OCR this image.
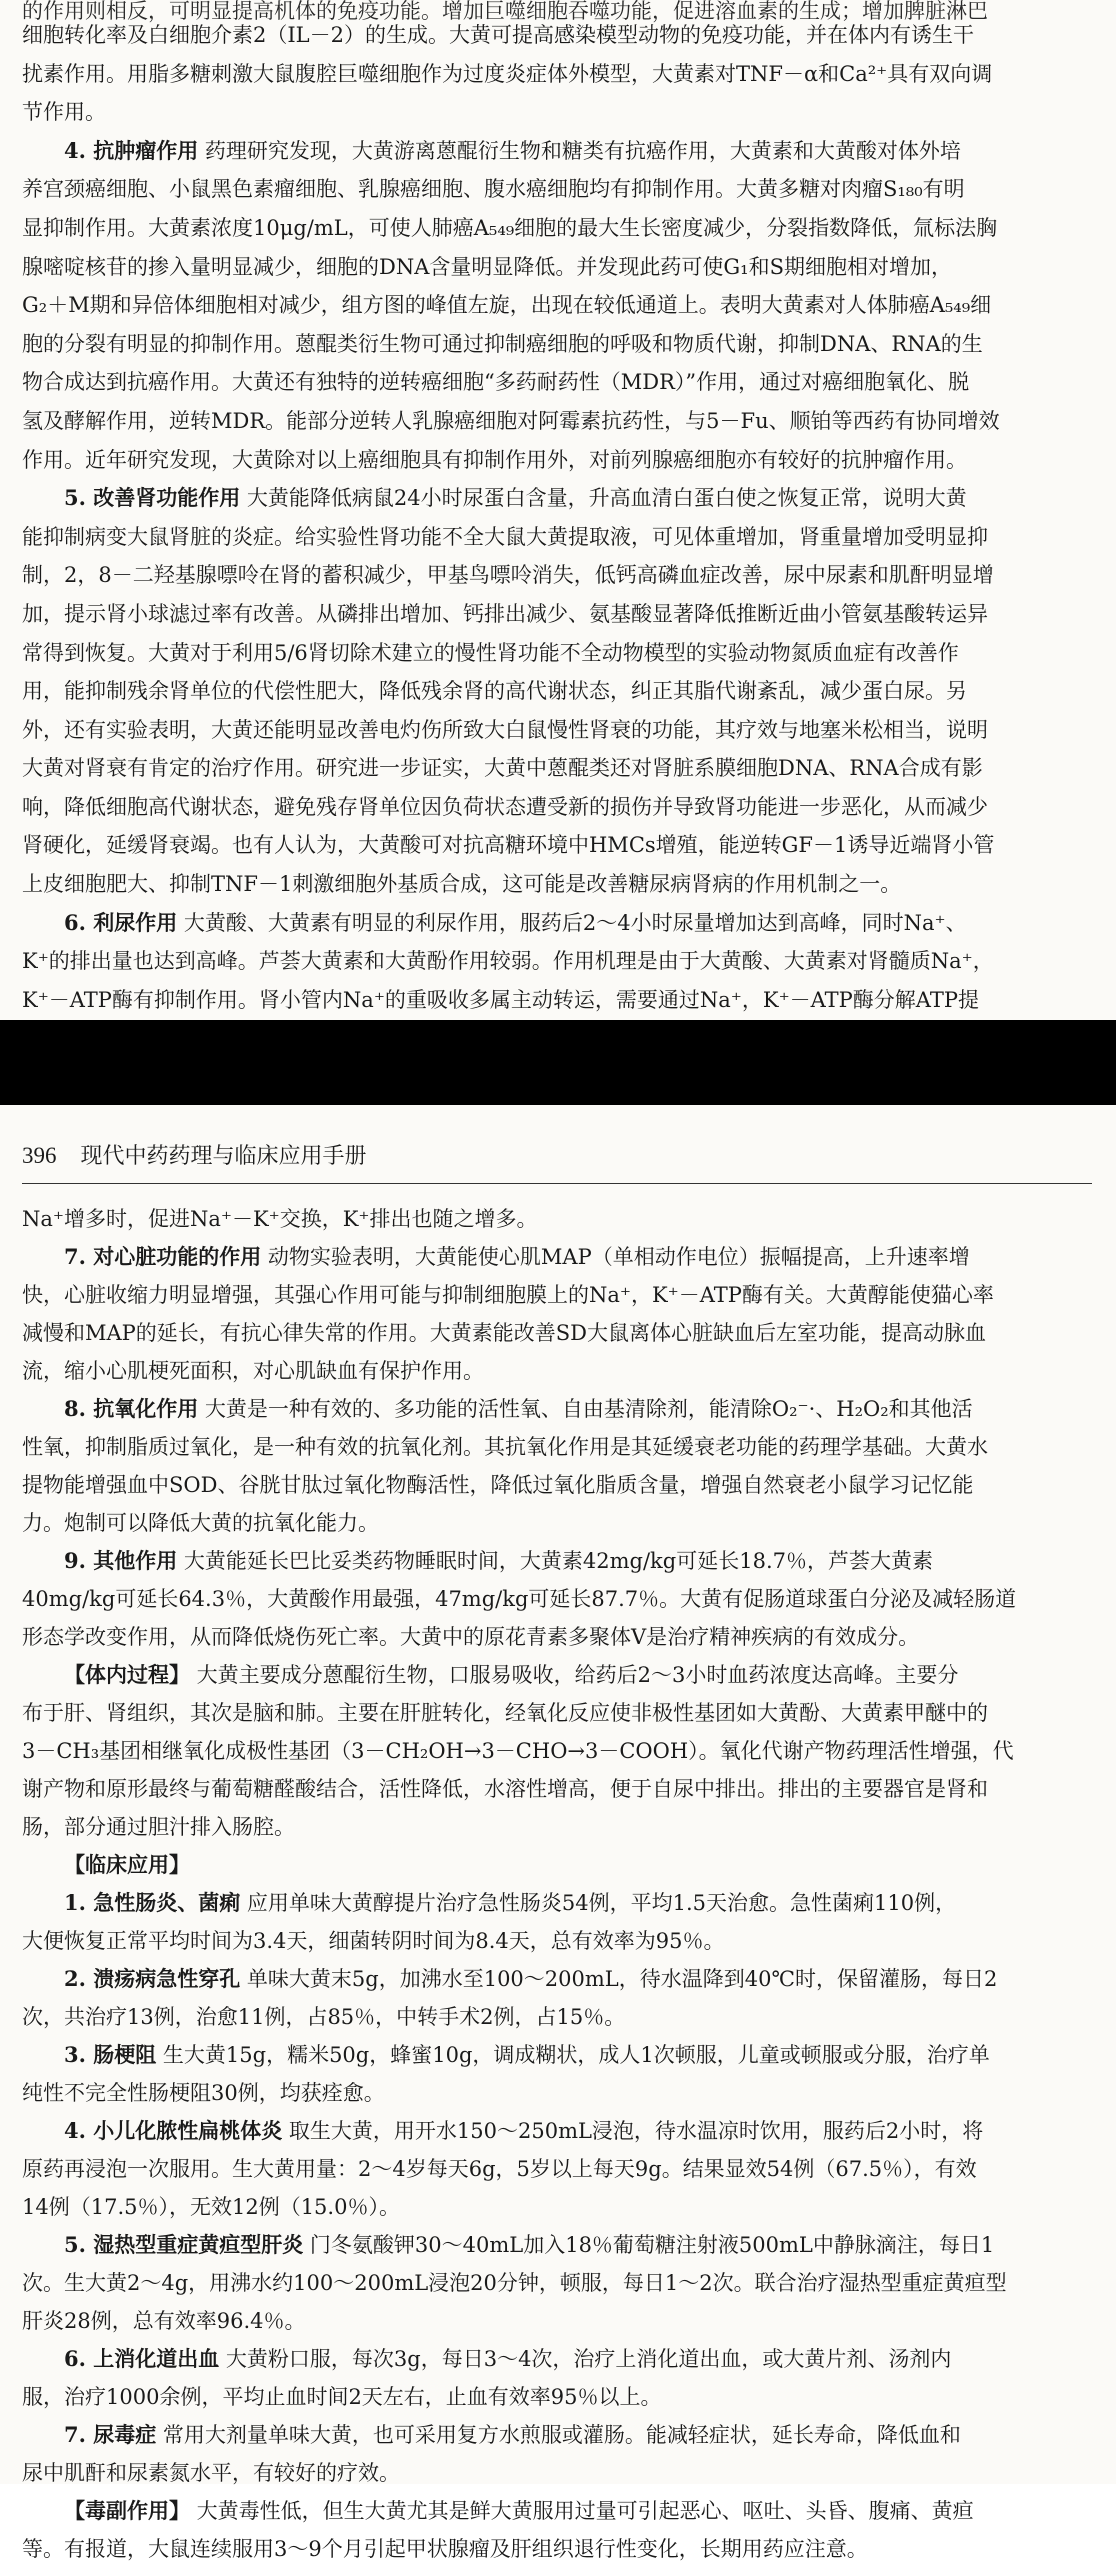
的作用则相反，可明显提高机体的免疫功能。增加巨噬细胞吞噬功能，促进溶血素的生成；增加脾脏淋巴

细胞转化率及白细胞介素2（IL－2）的生成。大黄可提高感染模型动物的免疫功能，并在体内有诱生干
扰素作用。用脂多糖刺激大鼠腹腔巨噬细胞作为过度炎症体外模型，大黄素对TNF－α和Ca²⁺具有双向调
节作用。

4. 抗肿瘤作用 药理研究发现，大黄游离蒽醌衍生物和糖类有抗癌作用，大黄素和大黄酸对体外培
养宫颈癌细胞、小鼠黑色素瘤细胞、乳腺癌细胞、腹水癌细胞均有抑制作用。大黄多糖对肉瘤S₁₈₀有明
显抑制作用。大黄素浓度10μg/mL，可使人肺癌A₅₄₉细胞的最大生长密度减少，分裂指数降低，氚标法胸
腺嘧啶核苷的掺入量明显减少，细胞的DNA含量明显降低。并发现此药可使G₁和S期细胞相对增加，
G₂＋M期和异倍体细胞相对减少，组方图的峰值左旋，出现在较低通道上。表明大黄素对人体肺癌A₅₄₉细
胞的分裂有明显的抑制作用。蒽醌类衍生物可通过抑制癌细胞的呼吸和物质代谢，抑制DNA、RNA的生
物合成达到抗癌作用。大黄还有独特的逆转癌细胞“多药耐药性（MDR）”作用，通过对癌细胞氧化、脱
氢及酵解作用，逆转MDR。能部分逆转人乳腺癌细胞对阿霉素抗药性，与5－Fu、顺铂等西药有协同增效
作用。近年研究发现，大黄除对以上癌细胞具有抑制作用外，对前列腺癌细胞亦有较好的抗肿瘤作用。

5. 改善肾功能作用 大黄能降低病鼠24小时尿蛋白含量，升高血清白蛋白使之恢复正常，说明大黄
能抑制病变大鼠肾脏的炎症。给实验性肾功能不全大鼠大黄提取液，可见体重增加，肾重量增加受明显抑
制，2，8－二羟基腺嘌呤在肾的蓄积减少，甲基鸟嘌呤消失，低钙高磷血症改善，尿中尿素和肌酐明显增
加，提示肾小球滤过率有改善。从磷排出增加、钙排出减少、氨基酸显著降低推断近曲小管氨基酸转运异
常得到恢复。大黄对于利用5/6肾切除术建立的慢性肾功能不全动物模型的实验动物氮质血症有改善作
用，能抑制残余肾单位的代偿性肥大，降低残余肾的高代谢状态，纠正其脂代谢紊乱，减少蛋白尿。另
外，还有实验表明，大黄还能明显改善电灼伤所致大白鼠慢性肾衰的功能，其疗效与地塞米松相当，说明
大黄对肾衰有肯定的治疗作用。研究进一步证实，大黄中蒽醌类还对肾脏系膜细胞DNA、RNA合成有影
响，降低细胞高代谢状态，避免残存肾单位因负荷状态遭受新的损伤并导致肾功能进一步恶化，从而减少
肾硬化，延缓肾衰竭。也有人认为，大黄酸可对抗高糖环境中HMCs增殖，能逆转GF－1诱导近端肾小管
上皮细胞肥大、抑制TNF－1刺激细胞外基质合成，这可能是改善糖尿病肾病的作用机制之一。

6. 利尿作用 大黄酸、大黄素有明显的利尿作用，服药后2～4小时尿量增加达到高峰，同时Na⁺、
K⁺的排出量也达到高峰。芦荟大黄素和大黄酚作用较弱。作用机理是由于大黄酸、大黄素对肾髓质Na⁺，
K⁺－ATP酶有抑制作用。肾小管内Na⁺的重吸收多属主动转运，需要通过Na⁺，K⁺－ATP酶分解ATP提

396 现代中药药理与临床应用手册

Na⁺增多时，促进Na⁺－K⁺交换，K⁺排出也随之增多。

7. 对心脏功能的作用 动物实验表明，大黄能使心肌MAP（单相动作电位）振幅提高，上升速率增
快，心脏收缩力明显增强，其强心作用可能与抑制细胞膜上的Na⁺，K⁺－ATP酶有关。大黄醇能使猫心率
减慢和MAP的延长，有抗心律失常的作用。大黄素能改善SD大鼠离体心脏缺血后左室功能，提高动脉血
流，缩小心肌梗死面积，对心肌缺血有保护作用。

8. 抗氧化作用 大黄是一种有效的、多功能的活性氧、自由基清除剂，能清除O₂⁻·、H₂O₂和其他活
性氧，抑制脂质过氧化，是一种有效的抗氧化剂。其抗氧化作用是其延缓衰老功能的药理学基础。大黄水
提物能增强血中SOD、谷胱甘肽过氧化物酶活性，降低过氧化脂质含量，增强自然衰老小鼠学习记忆能
力。炮制可以降低大黄的抗氧化能力。

9. 其他作用 大黄能延长巴比妥类药物睡眠时间，大黄素42mg/kg可延长18.7％，芦荟大黄素
40mg/kg可延长64.3％，大黄酸作用最强，47mg/kg可延长87.7％。大黄有促肠道球蛋白分泌及减轻肠道
形态学改变作用，从而降低烧伤死亡率。大黄中的原花青素多聚体V是治疗精神疾病的有效成分。

【体内过程】 大黄主要成分蒽醌衍生物，口服易吸收，给药后2～3小时血药浓度达高峰。主要分
布于肝、肾组织，其次是脑和肺。主要在肝脏转化，经氧化反应使非极性基团如大黄酚、大黄素甲醚中的
3－CH₃基团相继氧化成极性基团（3－CH₂OH→3－CHO→3－COOH）。氧化代谢产物药理活性增强，代
谢产物和原形最终与葡萄糖醛酸结合，活性降低，水溶性增高，便于自尿中排出。排出的主要器官是肾和
肠，部分通过胆汁排入肠腔。

【临床应用】

1. 急性肠炎、菌痢 应用单味大黄醇提片治疗急性肠炎54例，平均1.5天治愈。急性菌痢110例，
大便恢复正常平均时间为3.4天，细菌转阴时间为8.4天，总有效率为95％。

2. 溃疡病急性穿孔 单味大黄末5g，加沸水至100～200mL，待水温降到40℃时，保留灌肠，每日2
次，共治疗13例，治愈11例，占85％，中转手术2例，占15％。

3. 肠梗阻 生大黄15g，糯米50g，蜂蜜10g，调成糊状，成人1次顿服，儿童或顿服或分服，治疗单
纯性不完全性肠梗阻30例，均获痊愈。

4. 小儿化脓性扁桃体炎 取生大黄，用开水150～250mL浸泡，待水温凉时饮用，服药后2小时，将
原药再浸泡一次服用。生大黄用量：2～4岁每天6g，5岁以上每天9g。结果显效54例（67.5％），有效
14例（17.5％），无效12例（15.0％）。

5. 湿热型重症黄疸型肝炎 门冬氨酸钾30～40mL加入18％葡萄糖注射液500mL中静脉滴注，每日1
次。生大黄2～4g，用沸水约100～200mL浸泡20分钟，顿服，每日1～2次。联合治疗湿热型重症黄疸型
肝炎28例，总有效率96.4％。

6. 上消化道出血 大黄粉口服，每次3g，每日3～4次，治疗上消化道出血，或大黄片剂、汤剂内
服，治疗1000余例，平均止血时间2天左右，止血有效率95％以上。

7. 尿毒症 常用大剂量单味大黄，也可采用复方水煎服或灌肠。能减轻症状，延长寿命，降低血和
尿中肌酐和尿素氮水平，有较好的疗效。

【毒副作用】 大黄毒性低，但生大黄尤其是鲜大黄服用过量可引起恶心、呕吐、头昏、腹痛、黄疸
等。有报道，大鼠连续服用3～9个月引起甲状腺瘤及肝组织退行性变化，长期用药应注意。
